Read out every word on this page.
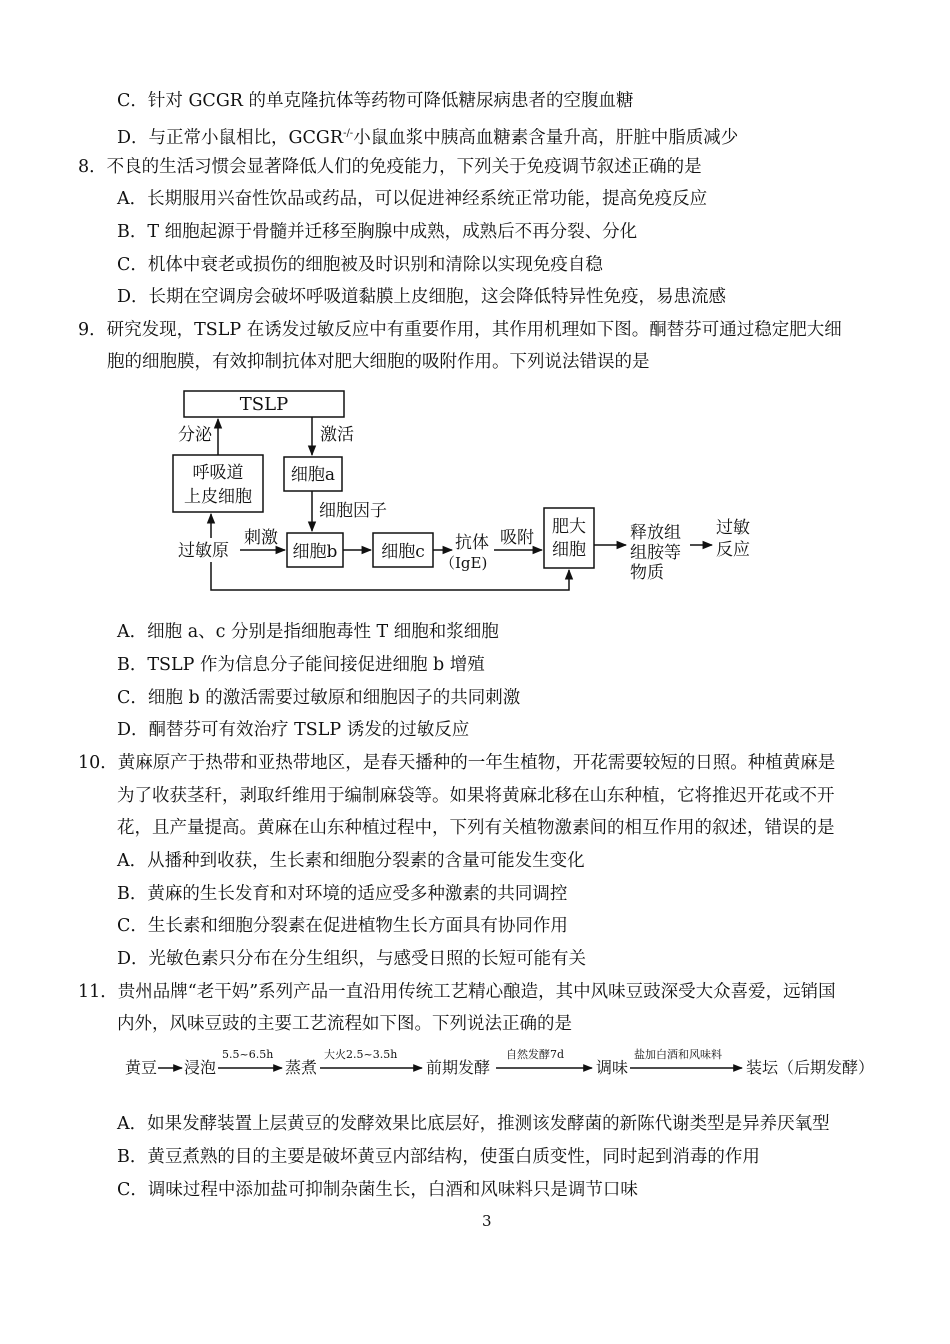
C．针对 GCGR 的单克隆抗体等药物可降低糖尿病患者的空腹血糖
D．与正常小鼠相比，GCGR-/-小鼠血浆中胰高血糖素含量升高，肝脏中脂质减少
8．不良的生活习惯会显著降低人们的免疫能力，下列关于免疫调节叙述正确的是
A．长期服用兴奋性饮品或药品，可以促进神经系统正常功能，提高免疫反应
B．T 细胞起源于骨髓并迁移至胸腺中成熟，成熟后不再分裂、分化
C．机体中衰老或损伤的细胞被及时识别和清除以实现免疫自稳
D．长期在空调房会破坏呼吸道黏膜上皮细胞，这会降低特异性免疫，易患流感
9．研究发现，TSLP 在诱发过敏反应中有重要作用，其作用机理如下图。酮替芬可通过稳定肥大细
胞的细胞膜，有效抑制抗体对肥大细胞的吸附作用。下列说法错误的是
TSLP
分泌	激活
呼吸道
上皮细胞
细胞a
细胞因子
过敏原
刺激
细胞b	细胞c 抗体
（IgE)
吸附
肥大
细胞
释放组
组胺等
物质
过敏
反应
A．细胞 a、c 分别是指细胞毒性 T 细胞和浆细胞
B．TSLP 作为信息分子能间接促进细胞 b 增殖
C．细胞 b 的激活需要过敏原和细胞因子的共同刺激
D．酮替芬可有效治疗 TSLP 诱发的过敏反应
10．黄麻原产于热带和亚热带地区，是春天播种的一年生植物，开花需要较短的日照。种植黄麻是
为了收获茎秆，剥取纤维用于编制麻袋等。如果将黄麻北移在山东种植，它将推迟开花或不开
花，且产量提高。黄麻在山东种植过程中，下列有关植物激素间的相互作用的叙述，错误的是
A．从播种到收获，生长素和细胞分裂素的含量可能发生变化
B．黄麻的生长发育和对环境的适应受多种激素的共同调控
C．生长素和细胞分裂素在促进植物生长方面具有协同作用
D．光敏色素只分布在分生组织，与感受日照的长短可能有关
11．贵州品牌“老干妈”系列产品一直沿用传统工艺精心酿造，其中风味豆豉深受大众喜爱，远销国
内外，风味豆豉的主要工艺流程如下图。下列说法正确的是
黄豆 浸泡
5.5~6.5h
蒸煮
大火2.5~3.5h
前期发酵
自然发酵7d
调味
盐加白酒和风味料
装坛（后期发酵）
A．如果发酵装置上层黄豆的发酵效果比底层好，推测该发酵菌的新陈代谢类型是异养厌氧型
B．黄豆煮熟的目的主要是破坏黄豆内部结构，使蛋白质变性，同时起到消毒的作用
C．调味过程中添加盐可抑制杂菌生长，白酒和风味料只是调节口味
3
